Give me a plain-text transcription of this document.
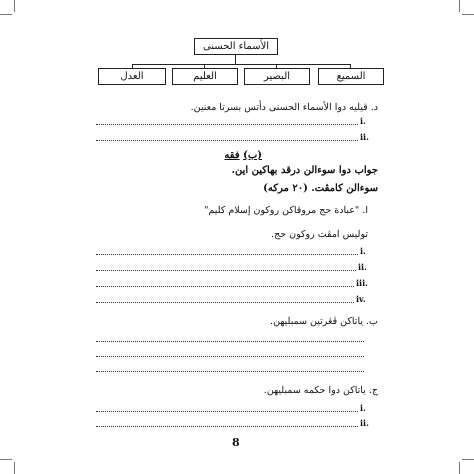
الأسماء الحسنى
السميع
البصير
العليم
العدل
د. قيليه دوا الأسماء الحسنى دأتس بسرتا معنين.
i.
ii.
(ب) فقه
جواب دوا سوءالن درقد بهاكين اين.
سوءالن كامڤت. (٢٠ مركه)
ا. "عبادة حج مروقاكن روكون إسلام كليم"
توليس امڤت روكون حج.
i.
ii.
iii.
iv.
ب. ياتاكن ڤڠرتين سمبليهن.
ج. ياتاكن دوا حكمه سمبليهن.
i.
ii.
8
